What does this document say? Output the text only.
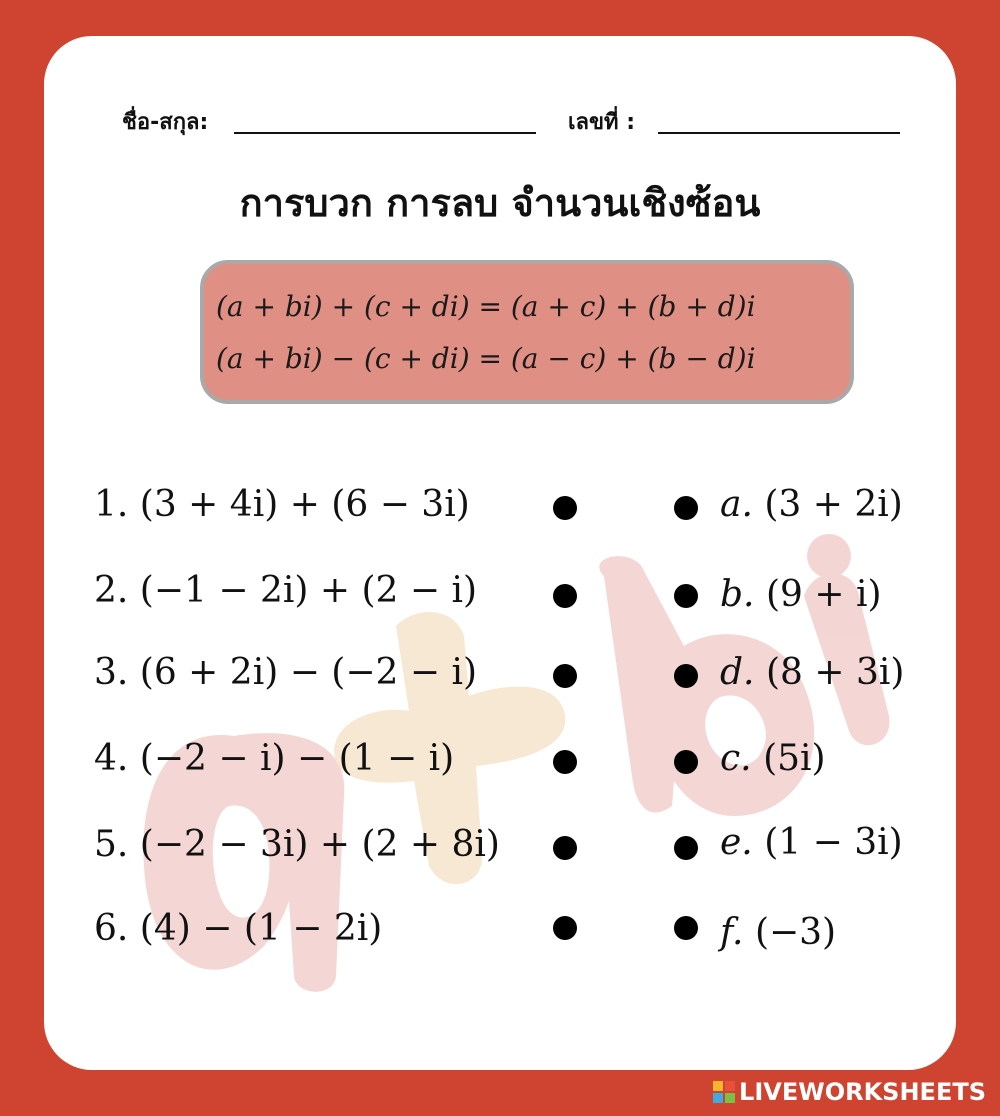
ชื่อ-สกุล:	เลขที่ :
การบวก การลบ จำนวนเชิงซ้อน
(a + bi) + (c + di) = (a + c) + (b + d)i
(a + bi) − (c + di) = (a − c) + (b − d)i
1. (3 + 4i) + (6 − 3i)
2. (−1 − 2i) + (2 − i)
3. (6 + 2i) − (−2 − i)
4. (−2 − i) − (1 − i)
5. (−2 − 3i) + (2 + 8i)
6. (4) − (1 − 2i)
a. (3 + 2i)
b. (9 + i)
d. (8 + 3i)
c. (5i)
e. (1 − 3i)
f. (−3)
LIVEWORKSHEETS
